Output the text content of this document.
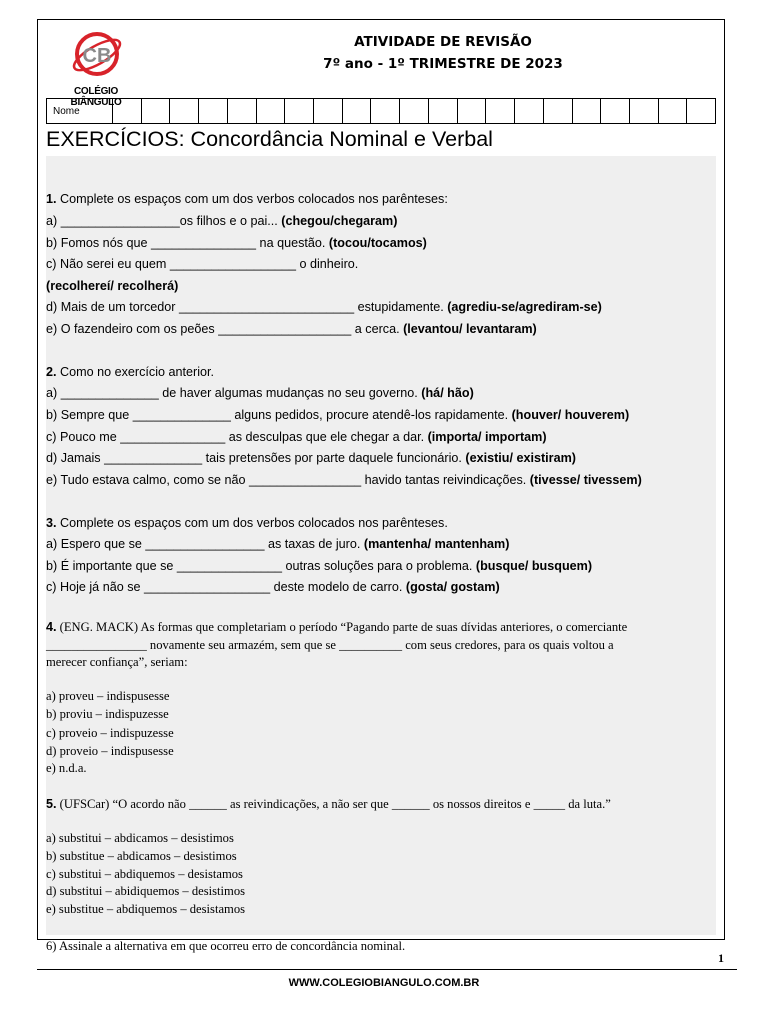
CB
COLÉGIO BIÂNGULO
ATIVIDADE DE REVISÃO
7º ano - 1º TRIMESTRE DE 2023
Nome
EXERCÍCIOS: Concordância Nominal e Verbal
1. Complete os espaços com um dos verbos colocados nos parênteses:
a) _________________os filhos e o pai... (chegou/chegaram)
b) Fomos nós que _______________ na questão. (tocou/tocamos)
c) Não serei eu quem __________________ o dinheiro.
(recolhereí/ recolherá)
d) Mais de um torcedor _________________________ estupidamente. (agrediu-se/agrediram-se)
e) O fazendeiro com os peões ___________________ a cerca. (levantou/ levantaram)
2. Como no exercício anterior.
a) ______________ de haver algumas mudanças no seu governo. (há/ hão)
b) Sempre que ______________ alguns pedidos, procure atendê-los rapidamente. (houver/ houverem)
c) Pouco me _______________ as desculpas que ele chegar a dar. (importa/ importam)
d) Jamais ______________ tais pretensões por parte daquele funcionário. (existiu/ existiram)
e) Tudo estava calmo, como se não ________________ havido tantas reivindicações. (tivesse/ tivessem)
3. Complete os espaços com um dos verbos colocados nos parênteses.
a) Espero que se _________________ as taxas de juro. (mantenha/ mantenham)
b) É importante que se _______________ outras soluções para o problema. (busque/ busquem)
c) Hoje já não se __________________ deste modelo de carro. (gosta/ gostam)
4. (ENG. MACK) As formas que completariam o período “Pagando parte de suas dívidas anteriores, o comerciante
________________ novamente seu armazém, sem que se __________ com seus credores, para os quais voltou a
merecer confiança”, seriam:
a) proveu – indispusesse
b) proviu – indispuzesse
c) proveio – indispuzesse
d) proveio – indispusesse
e) n.d.a.
5. (UFSCar) “O acordo não ______ as reivindicações, a não ser que ______ os nossos direitos e _____ da luta.”
a) substitui – abdicamos – desistimos
b) substitue – abdicamos – desistimos
c) substitui – abdiquemos – desistamos
d) substitui – abidiquemos – desistimos
e) substitue – abdiquemos – desistamos
6) Assinale a alternativa em que ocorreu erro de concordância nominal.
1
WWW.COLEGIOBIANGULO.COM.BR
